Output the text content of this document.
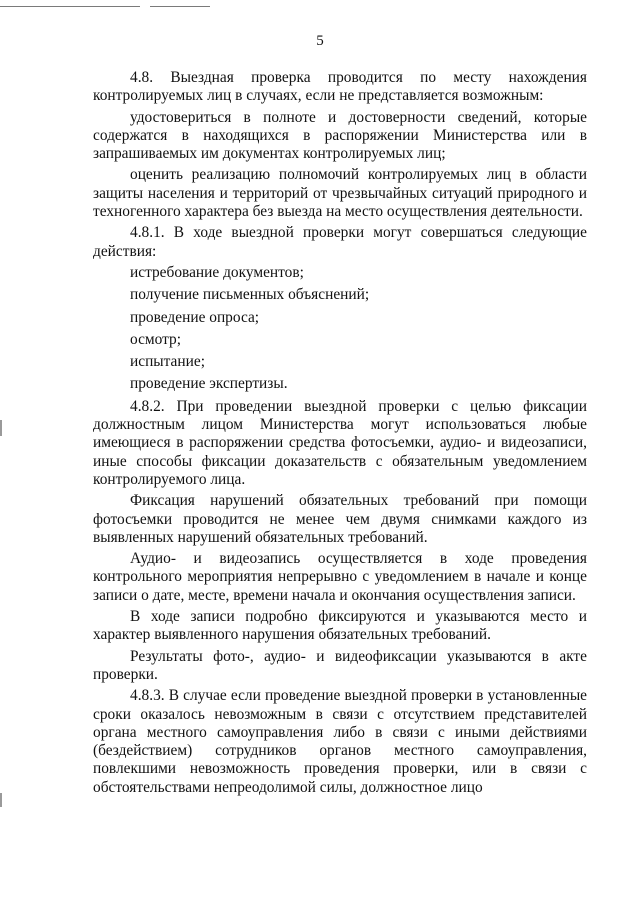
5

4.8. Выездная проверка проводится по месту нахождения контролируемых лиц в случаях, если не представляется возможным:

удостовериться в полноте и достоверности сведений, которые содержатся в находящихся в распоряжении Министерства или в запрашиваемых им документах контролируемых лиц;

оценить реализацию полномочий контролируемых лиц в области защиты населения и территорий от чрезвычайных ситуаций природного и техногенного характера без выезда на место осуществления деятельности.

4.8.1. В ходе выездной проверки могут совершаться следующие действия:

истребование документов;

получение письменных объяснений;

проведение опроса;

осмотр;

испытание;

проведение экспертизы.

4.8.2. При проведении выездной проверки с целью фиксации должностным лицом Министерства могут использоваться любые имеющиеся в распоряжении средства фотосъемки, аудио- и видеозаписи, иные способы фиксации доказательств с обязательным уведомлением контролируемого лица.

Фиксация нарушений обязательных требований при помощи фотосъемки проводится не менее чем двумя снимками каждого из выявленных нарушений обязательных требований.

Аудио- и видеозапись осуществляется в ходе проведения контрольного мероприятия непрерывно с уведомлением в начале и конце записи о дате, месте, времени начала и окончания осуществления записи.

В ходе записи подробно фиксируются и указываются место и характер выявленного нарушения обязательных требований.

Результаты фото-, аудио- и видеофиксации указываются в акте проверки.

4.8.3. В случае если проведение выездной проверки в установленные сроки оказалось невозможным в связи с отсутствием представителей органа местного самоуправления либо в связи с иными действиями (бездействием) сотрудников органов местного самоуправления, повлекшими невозможность проведения проверки, или в связи с обстоятельствами непреодолимой силы, должностное лицо
